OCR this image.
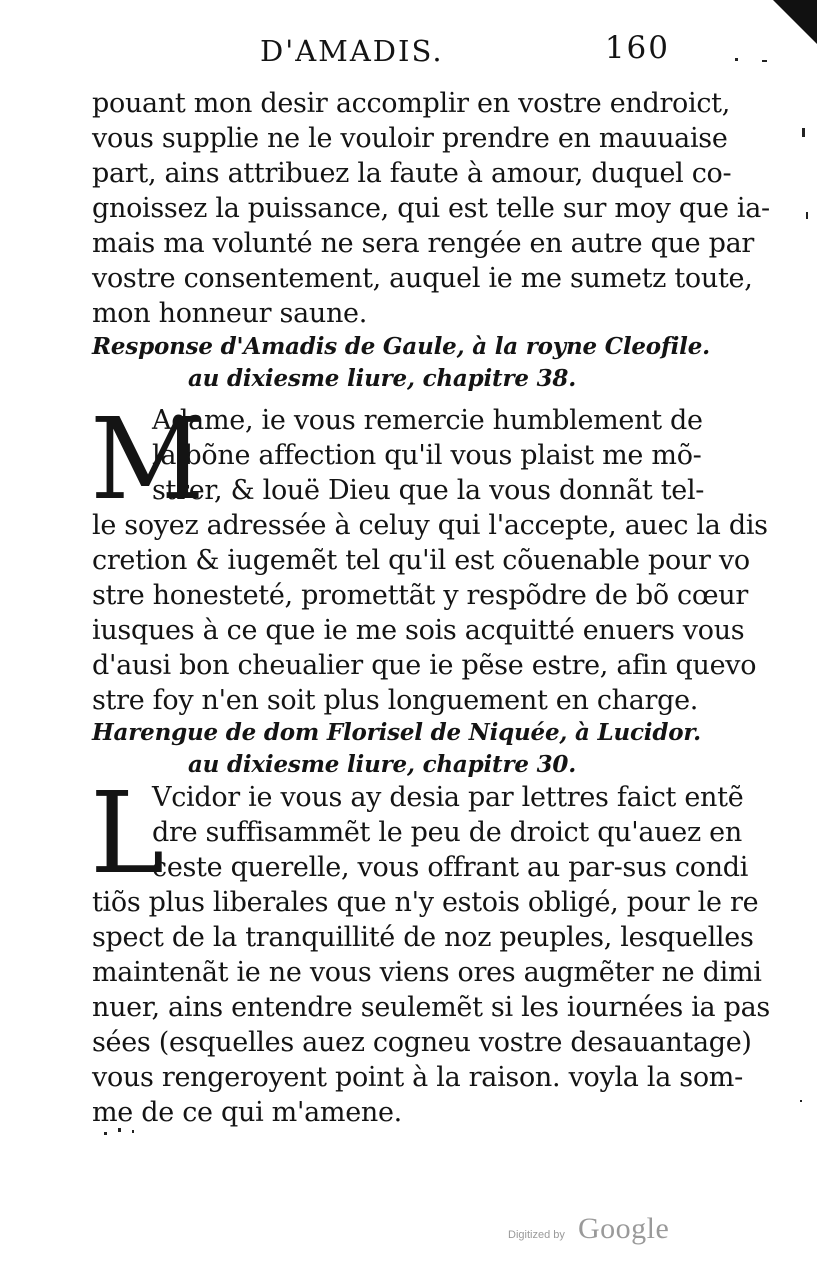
D'AMADIS.	160
pouant mon desir accomplir en vostre endroict,
vous supplie ne le vouloir prendre en mauuaise
part, ains attribuez la faute à amour, duquel co-
gnoissez la puissance, qui est telle sur moy que ia-
mais ma volunté ne sera rengée en autre que par
vostre consentement, auquel ie me sumetz toute,
mon honneur saune.
Response d'Amadis de Gaule, à la royne Cleofile.
au dixiesme liure, chapitre 38.
M
Adame, ie vous remercie humblement de
la bõne affection qu'il vous plaist me mõ-
strer, & louë Dieu que la vous donnãt tel-
le soyez adressée à celuy qui l'accepte, auec la dis
cretion & iugemẽt tel qu'il est cõuenable pour vo
stre honesteté, promettãt y respõdre de bõ cœur
iusques à ce que ie me sois acquitté enuers vous
d'ausi bon cheualier que ie pẽse estre, afin quevo
stre foy n'en soit plus longuement en charge.
Harengue de dom Florisel de Niquée, à Lucidor.
au dixiesme liure, chapitre 30.
L
Vcidor ie vous ay desia par lettres faict entẽ
dre suffisammẽt le peu de droict qu'auez en
ceste querelle, vous offrant au par-sus condi
tiõs plus liberales que n'y estois obligé, pour le re
spect de la tranquillité de noz peuples, lesquelles
maintenãt ie ne vous viens ores augmẽter ne dimi
nuer, ains entendre seulemẽt si les iournées ia pas
sées (esquelles auez cogneu vostre desauantage)
vous rengeroyent point à la raison. voyla la som-
me de ce qui m'amene.
Digitized by Google
